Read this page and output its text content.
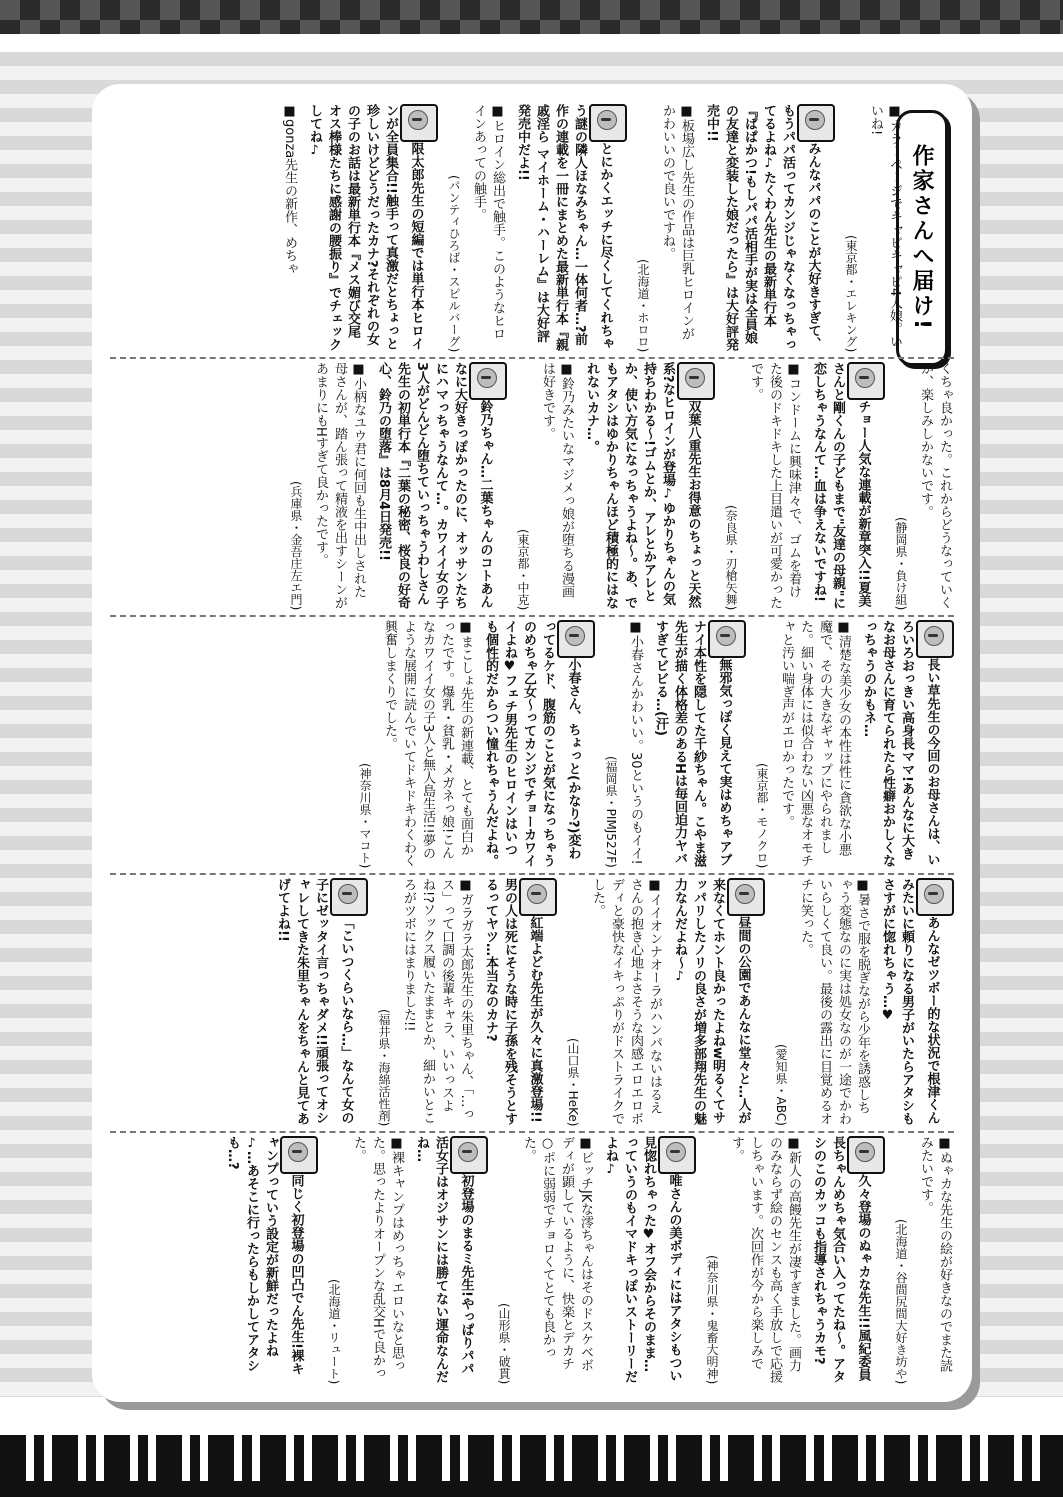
作家さんへ届け!
■カラーページでキャピキャピ4人娘。いいね!
(東京都・エレキング)
みんなパパのことが大好きすぎて、もうパパ活ってカンジじゃなくなっちゃってるよね♪たくわん先生の最新単行本『ぱぱかつ!もしパパ活相手が実は全員娘の友達と変装した娘だったら』は大好評発売中!!
■板場広し先生の作品は巨乳ヒロインがかわいいので良いですね。
(北海道・ホロロ)
とにかくエッチに尽くしてくれちゃう謎の隣人ほなみちゃん…一体何者…?前作の連載を一冊にまとめた最新単行本『親戚淫ら マイホーム・ハーレム』は大好評発売中だよ!!
■ヒロイン総出で触手。このようなヒロインあっての触手。
(パンティひろば・スピルバーグ)
限太郎先生の短編では単行本ヒロインが全員集合!!触手って真激だとちょっと珍しいけどどうだったカナ?それぞれの女の子のお話は最新単行本『メス媚び交尾 オス棒様たちに感謝の腰振り』でチェックしてね♪
■gonza先生の新作、めちゃ
くちゃ良かった。これからどうなっていくか、楽しみしかないです。
(静岡県・負け組)
チョー人気な連載が新章突入!!夏美さんと剛くんの子どもまで"友達の母親"に恋しちゃうなんて…血は争えないですね!
■コンドームに興味津々で、ゴムを着けた後のドキドキした上目遣いが可愛かったです。
(奈良県・刃槍矢舞)
双葉八重先生お得意のちょっと天然系?なヒロインが登場♪ゆかりちゃんの気持ちわかる〜!ゴムとか、アレとかアレとか、使い方気になっちゃうよね〜。あ、でもアタシはゆかりちゃんほど積極的にはなれないカナ…。
■鈴乃みたいなマジメっ娘が堕ちる漫画は好きです。
(東京都・中克)
鈴乃ちゃん…二葉ちゃんのコトあんなに大好きっぽかったのに、オッサンたちにハマっちゃうなんて…。カワイイ女の子3人がどんどん堕ちていっちゃうわしさん先生の初単行本『二葉の秘密、桜良の好奇心、鈴乃の堕落』は8月4日発売!!
■小柄なユウ君に何回も生中出しされた母さんが、踏ん張って精液を出すシーンがあまりにもHすぎて良かったです。
(兵庫県・金吾庄左エ門)
長い草先生の今回のお母さんは、いろいろおっきい高身長ママ!あんなに大きなお母さんに育てられたら性癖おかしくなっちゃうのかもネ…
■清楚な美少女の本性は性に貪欲な小悪魔で、その大きなギャップにやられました。細い身体には似合わない凶悪なオモチャと汚い喘ぎ声がエロかったです。
(東京都・モノクロ)
無邪気っぽく見えて実はめちゃアブナイ本性を隠してた千紗ちゃん。こやま滋先生が描く体格差のあるHは毎回迫力ヤバすぎてビビる…(汗)
■小春さんかわいい。30というのもイイ!
(福岡県・PIMJ527F)
小春さん、ちょっと(かなり?)変わってるケド、腹筋のことが気になっちゃうのめちゃ乙女〜ってカンジでチョーカワイイよね♥フェチ男先生のヒロインはいつも個性的だからつい憧れちゃうんだよね。
■まこしょ先生の新連載、とても面白かったです。爆乳・貧乳・メガネっ娘!こんなカワイイ女の子3人と無人島生活!!夢のような展開に読んでいてドキドキわくわく興奮しまくりでした。
(神奈川県・マコト)
あんなゼツボー的な状況で根津くんみたいに頼りになる男子がいたらアタシもさすがに惚れちゃう…♥
■暑さで服を脱ぎながら少年を誘惑しちゃう変態なのに実は処女なのが一途でかわいらしくて良い。最後の露出に目覚めるオチに笑った。
(愛知県・ABC)
昼間の公園であんなに堂々と…人が来なくてホント良かったよねw明るくてサッパリしたノリの良さが増多部翔先生の魅力なんだよね〜♪
■イイオンナオーラがハンパないはるえさんの抱き心地よさそうな肉感エロエロボディと豪快なイキっぷりがドストライクでした。
(山口県・HeKe)
紅端よどむ先生が久々に真激登場!!男の人は死にそうな時に子孫を残そうとするってヤツ…本当なのカナ?
■ガラガラ太郎先生の朱里ちゃん、「…っス」って口調の後輩キャラ、いいっスよね!?ソックス履いたままとか、細かいところがツボにはまりました!!
(福井県・海綿活性剤)
「こいつくらいなら…」なんて女の子にゼッタイ言っちゃダメ!!頑張ってオシャレしてきた朱里ちゃんをちゃんと見てあげてよね!!
■ぬゃカな先生の絵が好きなのでまた読みたいです。
(北海道・谷間尻間大好き坊や)
久々登場のぬゃカな先生!!風紀委員長ちゃんめちゃ気合い入ってたね〜。アタシのこのカッコも指導されちゃうカモ?
■新人の高饅先生が凄すぎました。画力のみならず絵のセンスも高く手放しで応援しちゃいます。次回作が今から楽しみです。
(神奈川県・鬼畜大明神)
唯さんの美ボディにはアタシもつい見惚れちゃった♥オフ会からそのまま…っていうのもイマドキっぽいストーリーだよね♪
■ビッチJKな澪ちゃんはそのドスケベボディが顕しているように、快楽とデカチ○ポに弱弱でチョロくてとても良かった。
(山形県・破貫)
初登場のまるミ先生!やっぱりパパ活女子はオジサンには勝てない運命なんだね…
■裸キャンプはめっちゃエロいなと思った。思ったよりオープンな乱交Hで良かった。
(北海道・リュート)
同じく初登場の凹凸でん先生!裸キャンプっていう設定が新鮮だったよね♪…あそこに行ったらもしかしてアタシも…?
